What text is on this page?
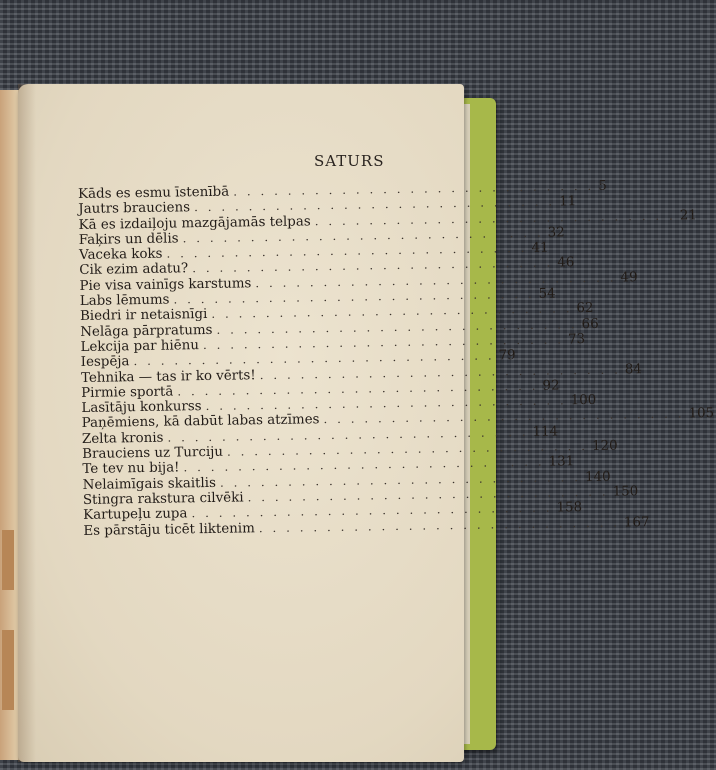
SATURS
Kāds es esmu īstenībā . . . . . . . . . . . . . . . . . . . . . . . . . . . 5
Jautrs brauciens . . . . . . . . . . . . . . . . . . . . . . . . . . . 11
Kā es izdaiļoju mazgājamās telpas . . . . . . . . . . . . . . . . . . . . . . . . . . . 21
Faķirs un dēlis . . . . . . . . . . . . . . . . . . . . . . . . . . . 32
Vaceka koks . . . . . . . . . . . . . . . . . . . . . . . . . . . 41
Cik ezim adatu? . . . . . . . . . . . . . . . . . . . . . . . . . . . 46
Pie visa vainīgs karstums . . . . . . . . . . . . . . . . . . . . . . . . . . . 49
Labs lēmums . . . . . . . . . . . . . . . . . . . . . . . . . . . 54
Biedri ir netaisnīgi . . . . . . . . . . . . . . . . . . . . . . . . . . . 62
Nelāga pārpratums . . . . . . . . . . . . . . . . . . . . . . . . . . . 66
Lekcija par hiēnu . . . . . . . . . . . . . . . . . . . . . . . . . . . 73
Iespēja . . . . . . . . . . . . . . . . . . . . . . . . . . . 79
Tehnika — tas ir ko vērts! . . . . . . . . . . . . . . . . . . . . . . . . . . . 84
Pirmie sportā . . . . . . . . . . . . . . . . . . . . . . . . . . . 92
Lasītāju konkurss . . . . . . . . . . . . . . . . . . . . . . . . . . . 100
Paņēmiens, kā dabūt labas atzīmes . . . . . . . . . . . . . . . . . . . . . . . . . . . 105
Zelta kronis . . . . . . . . . . . . . . . . . . . . . . . . . . . 114
Brauciens uz Turciju . . . . . . . . . . . . . . . . . . . . . . . . . . . 120
Te tev nu bija! . . . . . . . . . . . . . . . . . . . . . . . . . . . 131
Nelaimīgais skaitlis . . . . . . . . . . . . . . . . . . . . . . . . . . . 140
Stingra rakstura cilvēki . . . . . . . . . . . . . . . . . . . . . . . . . . . 150
Kartupeļu zupa . . . . . . . . . . . . . . . . . . . . . . . . . . . 158
Es pārstāju ticēt liktenim . . . . . . . . . . . . . . . . . . . . . . . . . . . 167
